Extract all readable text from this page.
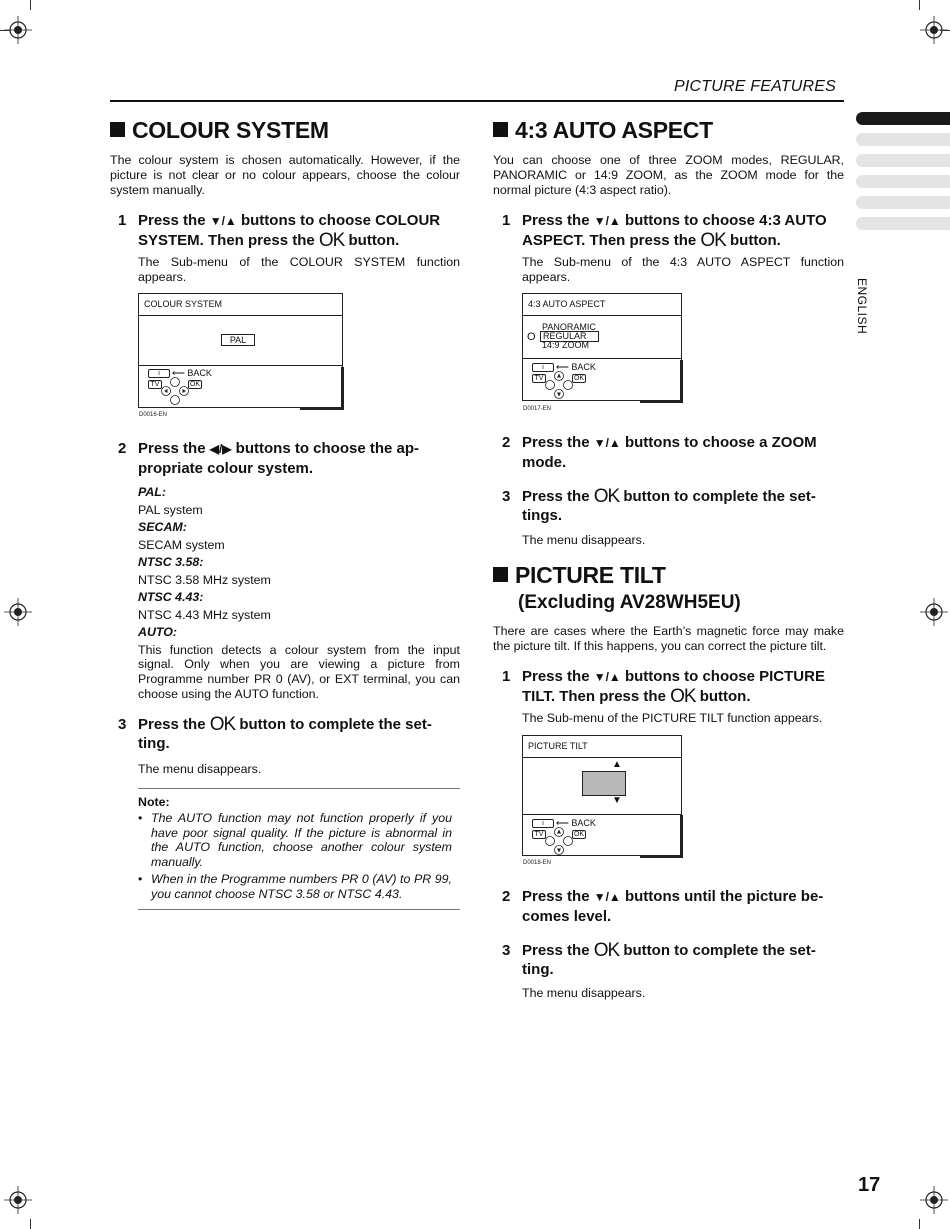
PICTURE FEATURES
ENGLISH
COLOUR SYSTEM
The colour system is chosen automatically. However, if the picture is not clear or no colour appears, choose the colour system manually.
1 Press the ▼/▲ buttons to choose COLOUR
SYSTEM. Then press the OK button.
The Sub-menu of the COLOUR SYSTEM function appears.
COLOUR SYSTEM
PAL
i	⟵ BACK
TV	OK
D0016-EN
2 Press the ◀/▶ buttons to choose the ap-
propriate colour system.
PAL:
PAL system
SECAM:
SECAM system
NTSC 3.58:
NTSC 3.58 MHz system
NTSC 4.43:
NTSC 4.43 MHz system
AUTO:
This function detects a colour system from the input signal. Only when you are viewing a picture from Programme number PR 0 (AV), or EXT terminal, you can choose using the AUTO function.
3 Press the OK button to complete the set-
ting.
The menu disappears.
Note:
• The AUTO function may not function properly if you have poor signal quality. If the picture is abnormal in the AUTO function, choose another colour system manually.
• When in the Programme numbers PR 0 (AV) to PR 99, you cannot choose NTSC 3.58 or NTSC 4.43.
4:3 AUTO ASPECT
You can choose one of three ZOOM modes, REGULAR, PANORAMIC or 14:9 ZOOM, as the ZOOM mode for the normal picture (4:3 aspect ratio).
1 Press the ▼/▲ buttons to choose 4:3 AUTO
ASPECT. Then press the OK button.
The Sub-menu of the 4:3 AUTO ASPECT function appears.
4:3 AUTO ASPECT
O
PANORAMIC
REGULAR
14:9 ZOOM
i	⟵ BACK
TV	OK
D0017-EN
2 Press the ▼/▲ buttons to choose a ZOOM
mode.
3 Press the OK button to complete the set-
tings.
The menu disappears.
PICTURE TILT
(Excluding AV28WH5EU)
There are cases where the Earth’s magnetic force may make the picture tilt. If this happens, you can correct the picture tilt.
1 Press the ▼/▲ buttons to choose PICTURE
TILT. Then press the OK button.
The Sub-menu of the PICTURE TILT function appears.
PICTURE TILT
▲
▼
i	⟵ BACK
TV	OK
D0018-EN
2 Press the ▼/▲ buttons until the picture be-
comes level.
3 Press the OK button to complete the set-
ting.
The menu disappears.
17
